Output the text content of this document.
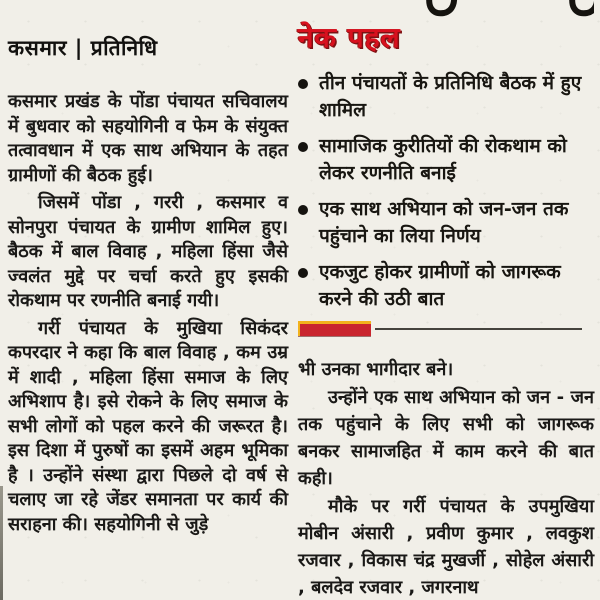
कसमार | प्रतिनिधि

कसमार प्रखंड के पोंडा पंचायत सचिवालय में बुधवार को सहयोगिनी व फेम के संयुक्त तत्वावधान में एक साथ अभियान के तहत ग्रामीणों की बैठक हुई।

जिसमें पोंडा , गररी , कसमार व सोनपुरा पंचायत के ग्रामीण शामिल हुए। बैठक में बाल विवाह , महिला हिंसा जैसे ज्वलंत मुद्दे पर चर्चा करते हुए इसकी रोकथाम पर रणनीति बनाई गयी।

गर्री पंचायत के मुखिया सिकंदर कपरदार ने कहा कि बाल विवाह , कम उम्र में शादी , महिला हिंसा समाज के लिए अभिशाप है। इसे रोकने के लिए समाज के सभी लोगों को पहल करने की जरूरत है। इस दिशा में पुरुषों का इसमें अहम भूमिका है । उन्होंने संस्था द्वारा पिछले दो वर्ष से चलाए जा रहे जेंडर समानता पर कार्य की सराहना की। सहयोगिनी से जुड़े

नेक पहल
तीन पंचायतों के प्रतिनिधि बैठक में हुए शामिल
सामाजिक कुरीतियों की रोकथाम को लेकर रणनीति बनाई
एक साथ अभियान को जन-जन तक पहुंचाने का लिया निर्णय
एकजुट होकर ग्रामीणों को जागरूक करने की उठी बात

भी उनका भागीदार बने।

उन्होंने एक साथ अभियान को जन - जन तक पहुंचाने के लिए सभी को जागरूक बनकर सामाजहित में काम करने की बात कही।

मौके पर गर्री पंचायत के उपमुखिया मोबीन अंसारी , प्रवीण कुमार , लवकुश रजवार , विकास चंद्र मुखर्जी , सोहेल अंसारी , बलदेव रजवार , जगरनाथ
